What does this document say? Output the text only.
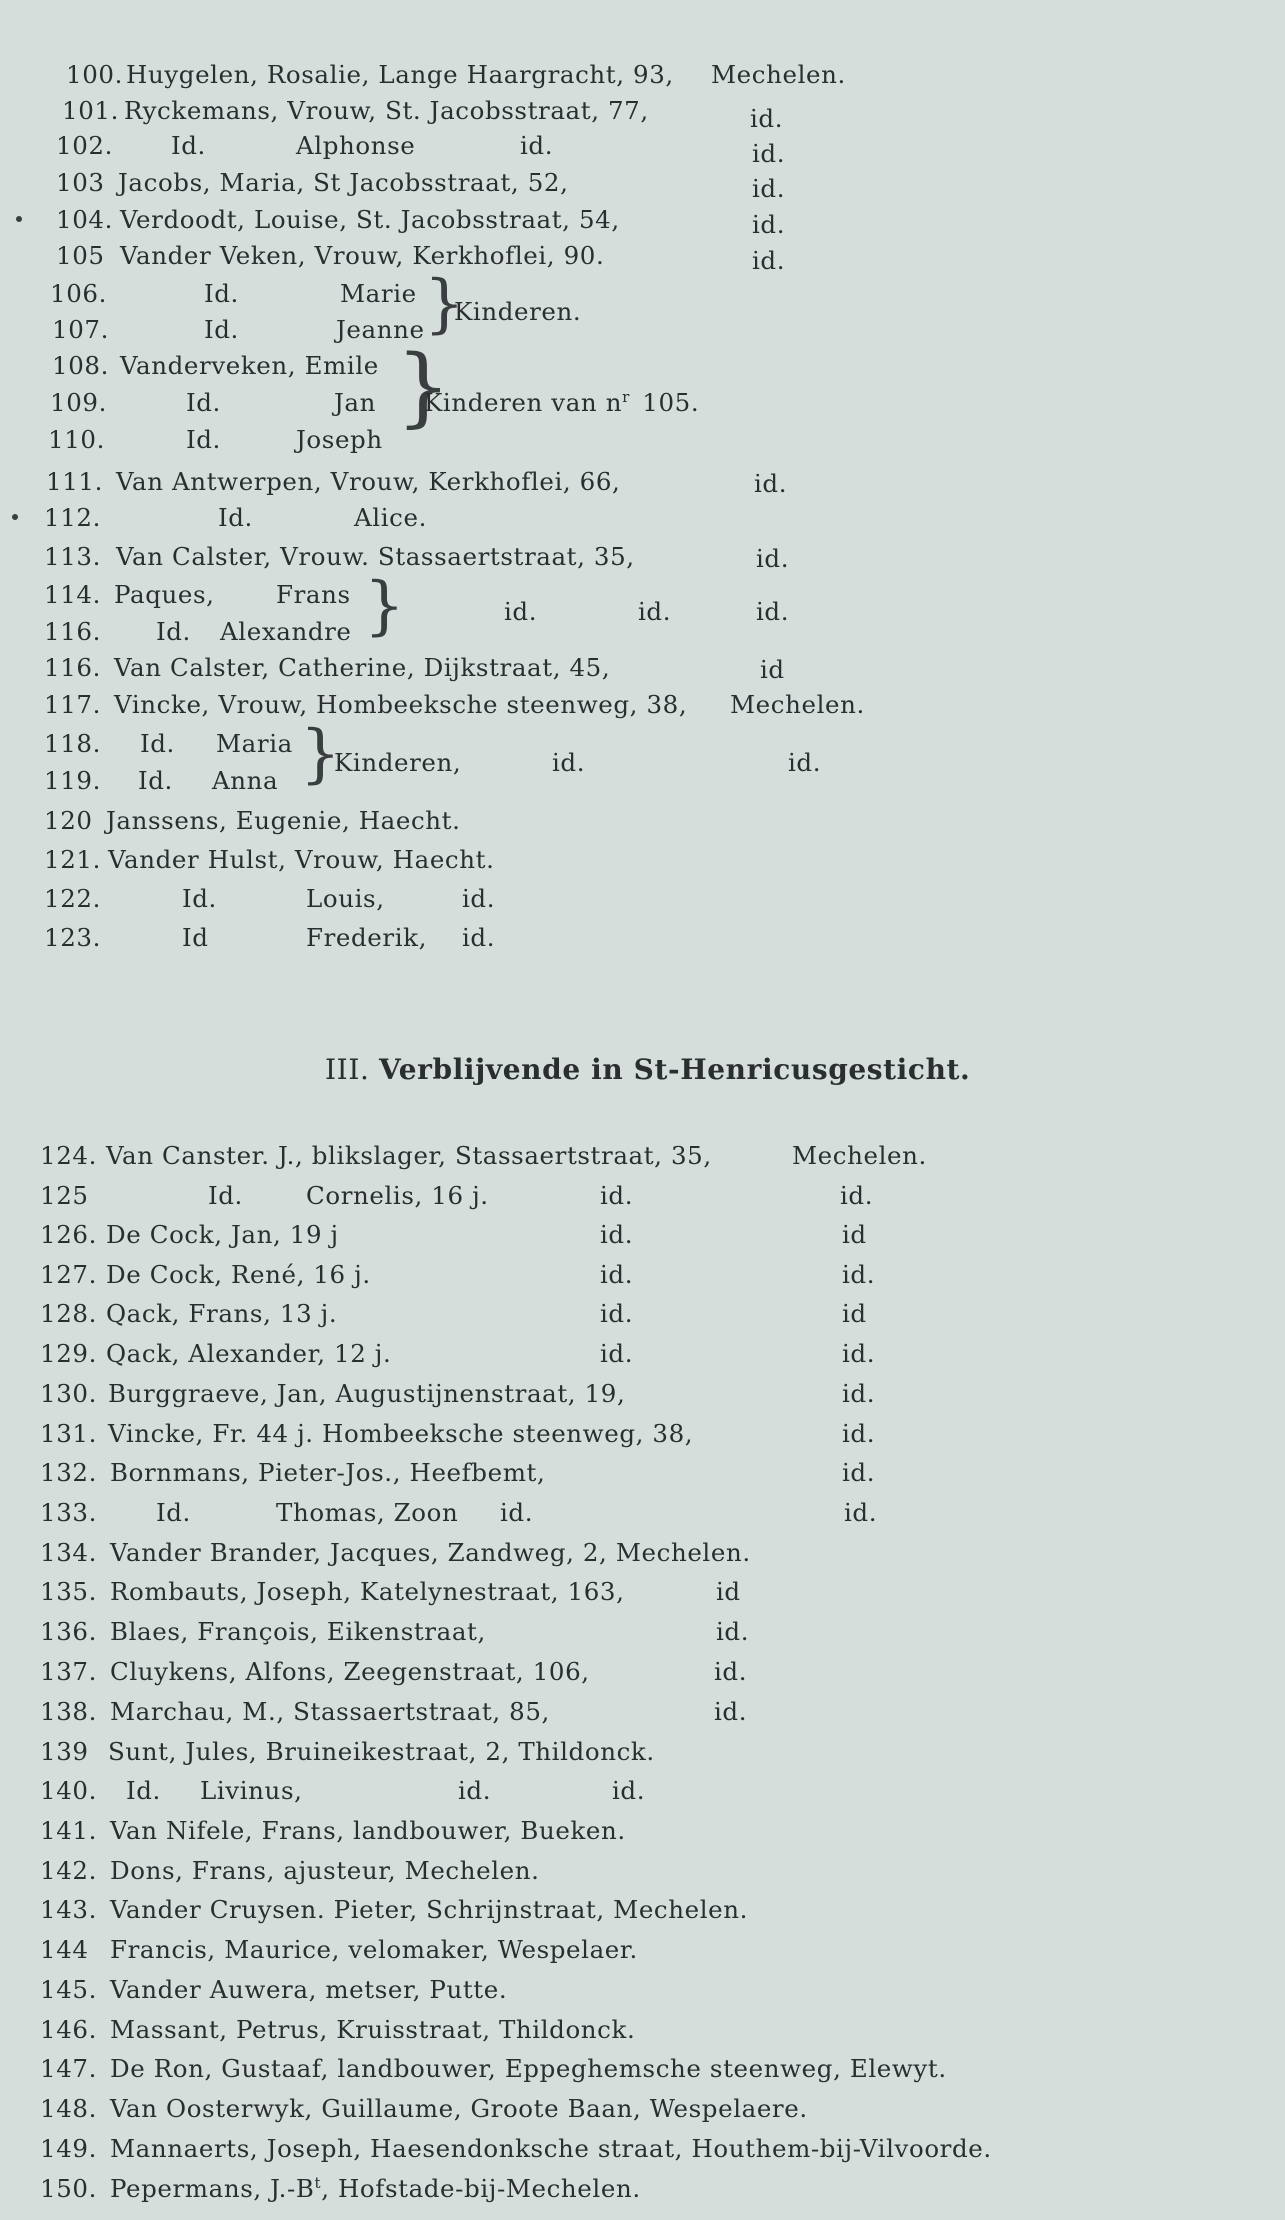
100. Huygelen, Rosalie, Lange Haargracht, 93, Mechelen.
101. Ryckemans, Vrouw, St. Jacobsstraat, 77,	id.
102. Id.	Alphonse	id.	id.
103 Jacobs, Maria, St Jacobsstraat, 52,	id.
104. Verdoodt, Louise, St. Jacobsstraat, 54,	id.
105 Vander Veken, Vrouw, Kerkhoflei, 90.	id.
106.	Id.	Marie
107.	Id.	Jeanne }
Kinderen.
108. Vanderveken, Emile
109.	Id.	Jan
110.	Id.	Joseph
}
Kinderen van $n^r$ 105.
111. Van Antwerpen, Vrouw, Kerkhoflei, 66,	id.
112.	Id.	Alice.
113. Van Calster, Vrouw. Stassaertstraat, 35,	id.
114. Paques,	Frans
116. Id. Alexandre }	id.	id.	id.
116. Van Calster, Catherine, Dijkstraat, 45,	id
117. Vincke, Vrouw, Hombeeksche steenweg, 38, Mechelen.
118. Id. Maria
119. Id. Anna }
Kinderen,	id.	id.
120 Janssens, Eugenie, Haecht.
121. Vander Hulst, Vrouw, Haecht.
122.	Id.	Louis,	id.
123.	Id	Frederik, id.
III. Verblijvende in St-Henricusgesticht.
124. Van Canster. J., blikslager, Stassaertstraat, 35,	Mechelen.
125	Id.	Cornelis, 16 j.	id.	id.
126. De Cock, Jan, 19 j	id.	id
127. De Cock, René, 16 j.	id.	id.
128. Qack, Frans, 13 j.	id.	id
129. Qack, Alexander, 12 j.	id.	id.
130. Burggraeve, Jan, Augustijnenstraat, 19,	id.
131. Vincke, Fr. 44 j. Hombeeksche steenweg, 38,	id.
132. Bornmans, Pieter-Jos., Heefbemt,	id.
133. Id.	Thomas, Zoon id.	id.
134. Vander Brander, Jacques, Zandweg, 2, Mechelen.
135. Rombauts, Joseph, Katelynestraat, 163,	id
136. Blaes, François, Eikenstraat,	id.
137. Cluykens, Alfons, Zeegenstraat, 106,	id.
138. Marchau, M., Stassaertstraat, 85,	id.
139 Sunt, Jules, Bruineikestraat, 2, Thildonck.
140. Id. Livinus,	id.	id.
141. Van Nifele, Frans, landbouwer, Bueken.
142. Dons, Frans, ajusteur, Mechelen.
143. Vander Cruysen. Pieter, Schrijnstraat, Mechelen.
144 Francis, Maurice, velomaker, Wespelaer.
145. Vander Auwera, metser, Putte.
146. Massant, Petrus, Kruisstraat, Thildonck.
147. De Ron, Gustaaf, landbouwer, Eppeghemsche steenweg, Elewyt.
148. Van Oosterwyk, Guillaume, Groote Baan, Wespelaere.
149. Mannaerts, Joseph, Haesendonksche straat, Houthem-bij-Vilvoorde.
150. Pepermans, $J.-B^t$, Hofstade-bij-Mechelen.
